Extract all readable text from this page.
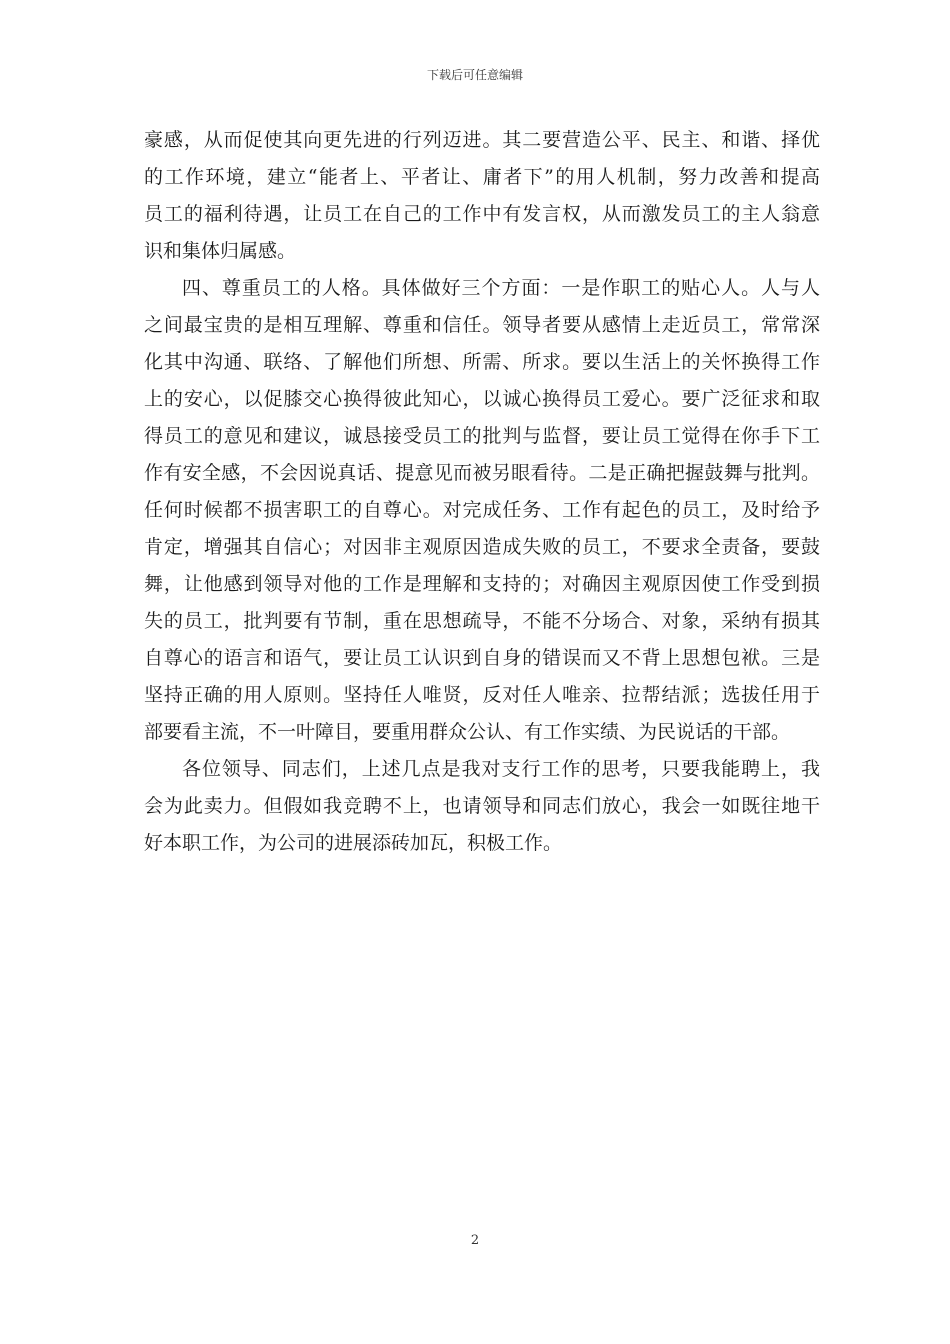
下载后可任意编辑
豪感，从而促使其向更先进的行列迈进。其二要营造公平、民主、和谐、择优
的工作环境，建立“能者上、平者让、庸者下”的用人机制，努力改善和提高
员工的福利待遇，让员工在自己的工作中有发言权，从而激发员工的主人翁意
识和集体归属感。
四、尊重员工的人格。具体做好三个方面：一是作职工的贴心人。人与人
之间最宝贵的是相互理解、尊重和信任。领导者要从感情上走近员工，常常深
化其中沟通、联络、了解他们所想、所需、所求。要以生活上的关怀换得工作
上的安心，以促膝交心换得彼此知心，以诚心换得员工爱心。要广泛征求和取
得员工的意见和建议，诚恳接受员工的批判与监督，要让员工觉得在你手下工
作有安全感，不会因说真话、提意见而被另眼看待。二是正确把握鼓舞与批判。
任何时候都不损害职工的自尊心。对完成任务、工作有起色的员工，及时给予
肯定，增强其自信心；对因非主观原因造成失败的员工，不要求全责备，要鼓
舞，让他感到领导对他的工作是理解和支持的；对确因主观原因使工作受到损
失的员工，批判要有节制，重在思想疏导，不能不分场合、对象，采纳有损其
自尊心的语言和语气，要让员工认识到自身的错误而又不背上思想包袱。三是
坚持正确的用人原则。坚持任人唯贤，反对任人唯亲、拉帮结派；选拔任用于
部要看主流，不一叶障目，要重用群众公认、有工作实绩、为民说话的干部。
各位领导、同志们，上述几点是我对支行工作的思考，只要我能聘上，我
会为此卖力。但假如我竞聘不上，也请领导和同志们放心，我会一如既往地干
好本职工作，为公司的进展添砖加瓦，积极工作。
2
